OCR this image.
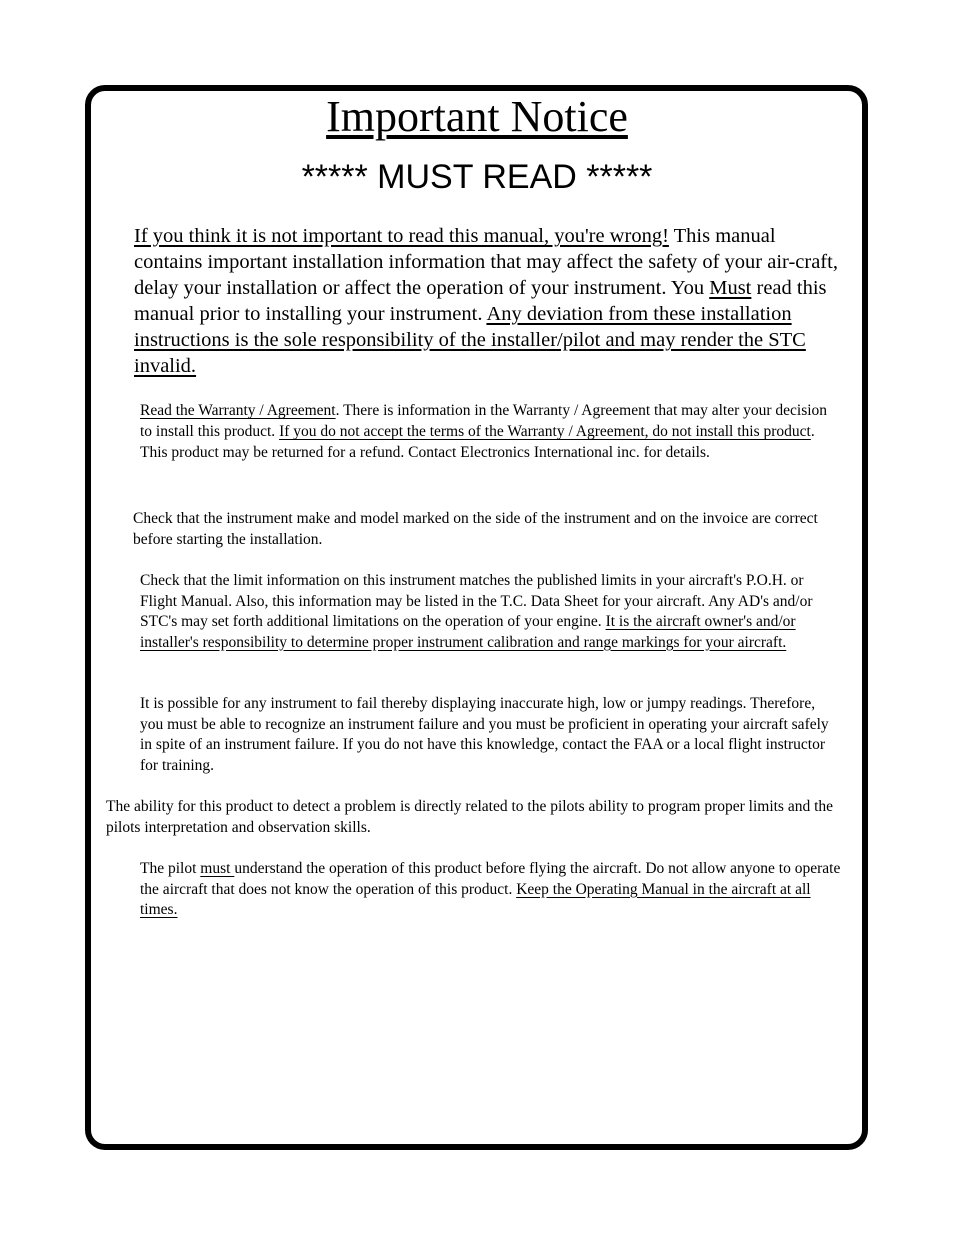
Important Notice
***** MUST READ *****

If you think it is not important to read this manual, you're wrong! This manual contains important installation information that may affect the safety of your air-craft, delay your installation or affect the operation of your instrument. You Must read this manual prior to installing your instrument. Any deviation from these installation instructions is the sole responsibility of the installer/pilot and may render the STC invalid.

Read the Warranty / Agreement. There is information in the Warranty / Agreement that may alter your decision to install this product. If you do not accept the terms of the Warranty / Agreement, do not install this product. This product may be returned for a refund. Contact Electronics International inc. for details.

Check that the instrument make and model marked on the side of the instrument and on the invoice are correct before starting the installation.

Check that the limit information on this instrument matches the published limits in your aircraft's P.O.H. or Flight Manual. Also, this information may be listed in the T.C. Data Sheet for your aircraft. Any AD's and/or STC's may set forth additional limitations on the operation of your engine. It is the aircraft owner's and/or installer's responsibility to determine proper instrument calibration and range markings for your aircraft.

It is possible for any instrument to fail thereby displaying inaccurate high, low or jumpy readings. Therefore, you must be able to recognize an instrument failure and you must be proficient in operating your aircraft safely in spite of an instrument failure. If you do not have this knowledge, contact the FAA or a local flight instructor for training.

The ability for this product to detect a problem is directly related to the pilots ability to program proper limits and the pilots interpretation and observation skills.

The pilot must understand the operation of this product before flying the aircraft. Do not allow anyone to operate the aircraft that does not know the operation of this product. Keep the Operating Manual in the aircraft at all times.
